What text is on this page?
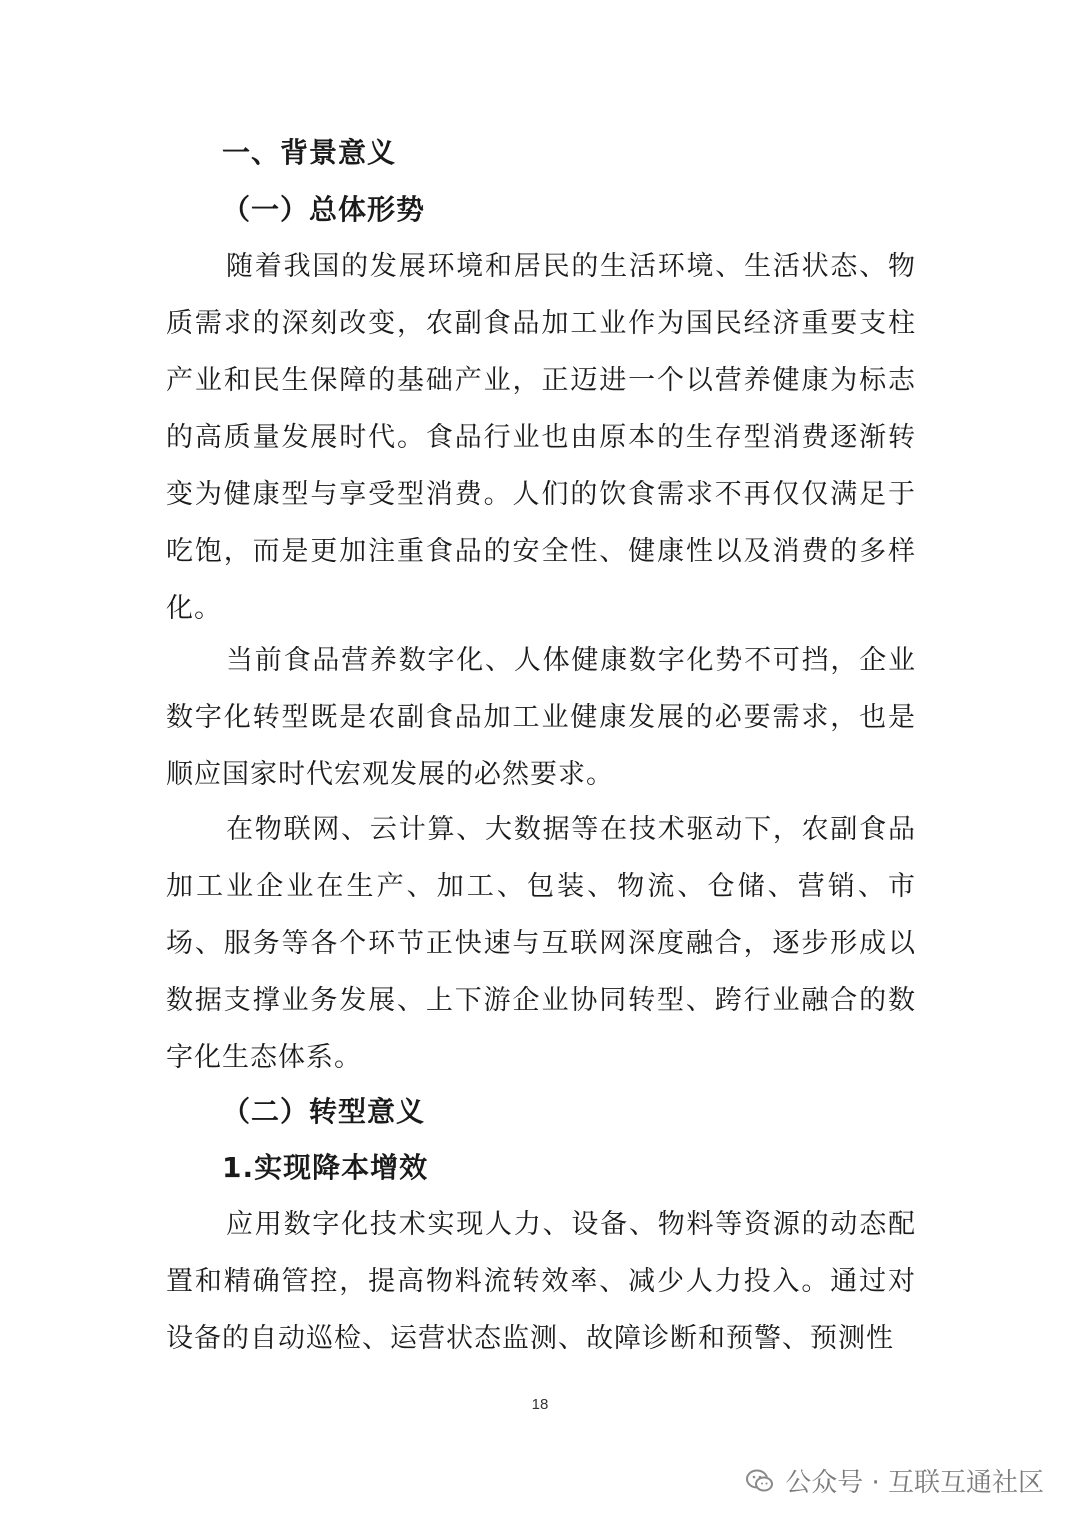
一、背景意义
（一）总体形势

随着我国的发展环境和居民的生活环境、生活状态、物质需求的深刻改变，农副食品加工业作为国民经济重要支柱产业和民生保障的基础产业，正迈进一个以营养健康为标志的高质量发展时代。食品行业也由原本的生存型消费逐渐转变为健康型与享受型消费。人们的饮食需求不再仅仅满足于吃饱，而是更加注重食品的安全性、健康性以及消费的多样化。

当前食品营养数字化、人体健康数字化势不可挡，企业数字化转型既是农副食品加工业健康发展的必要需求，也是顺应国家时代宏观发展的必然要求。

在物联网、云计算、大数据等在技术驱动下，农副食品加工业企业在生产、加工、包装、物流、仓储、营销、市场、服务等各个环节正快速与互联网深度融合，逐步形成以数据支撑业务发展、上下游企业协同转型、跨行业融合的数字化生态体系。

（二）转型意义
1.实现降本增效

应用数字化技术实现人力、设备、物料等资源的动态配置和精确管控，提高物料流转效率、减少人力投入。通过对设备的自动巡检、运营状态监测、故障诊断和预警、预测性

18
公众号 · 互联互通社区
